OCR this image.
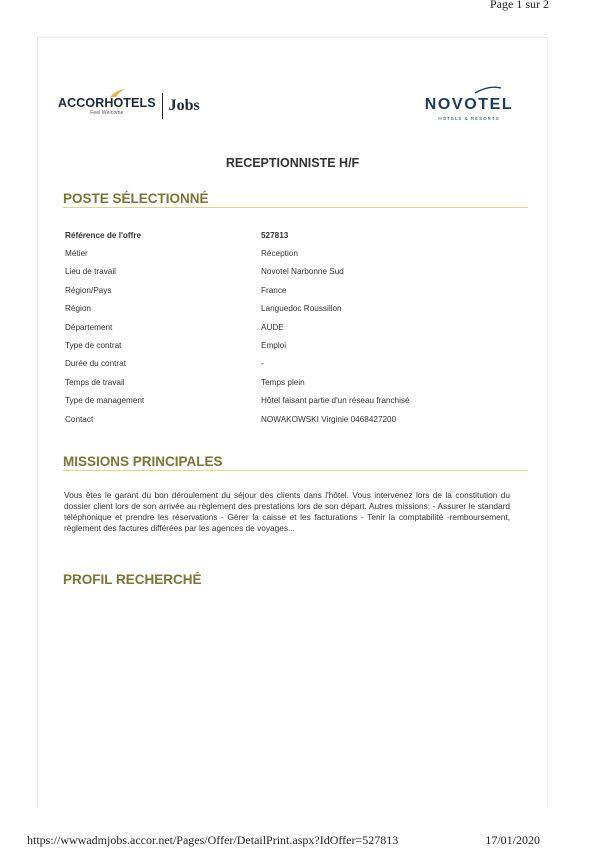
Page 1 sur 2
ACCORHOTELS
Feel Welcome	Jobs	NOVOTEL
HOTELS & RESORTS
RECEPTIONNISTE H/F
POSTE SÉLECTIONNÉ
Référence de l'offre	527813
Métier	Réception
Lieu de travail	Novotel Narbonne Sud
Région/Pays	France
Région	Languedoc Roussillon
Département	AUDE
Type de contrat	Emploi
Durée du contrat	-
Temps de travail	Temps plein
Type de management	Hôtel faisant partie d'un réseau franchisé
Contact	NOWAKOWSKI Virginie 0468427200
MISSIONS PRINCIPALES

Vous êtes le garant du bon déroulement du séjour des clients dans l'hôtel. Vous intervenez lors de la constitution du dossier client lors de son arrivée au règlement des prestations lors de son départ. Autres missions: - Assurer le standard téléphonique et prendre les réservations - Gérer la caisse et les facturations - Tenir la comptabilité -remboursement, règlement des factures différées par les agences de voyages...

PROFIL RECHERCHÉ
https://wwwadmjobs.accor.net/Pages/Offer/DetailPrint.aspx?IdOffer=527813	17/01/2020
